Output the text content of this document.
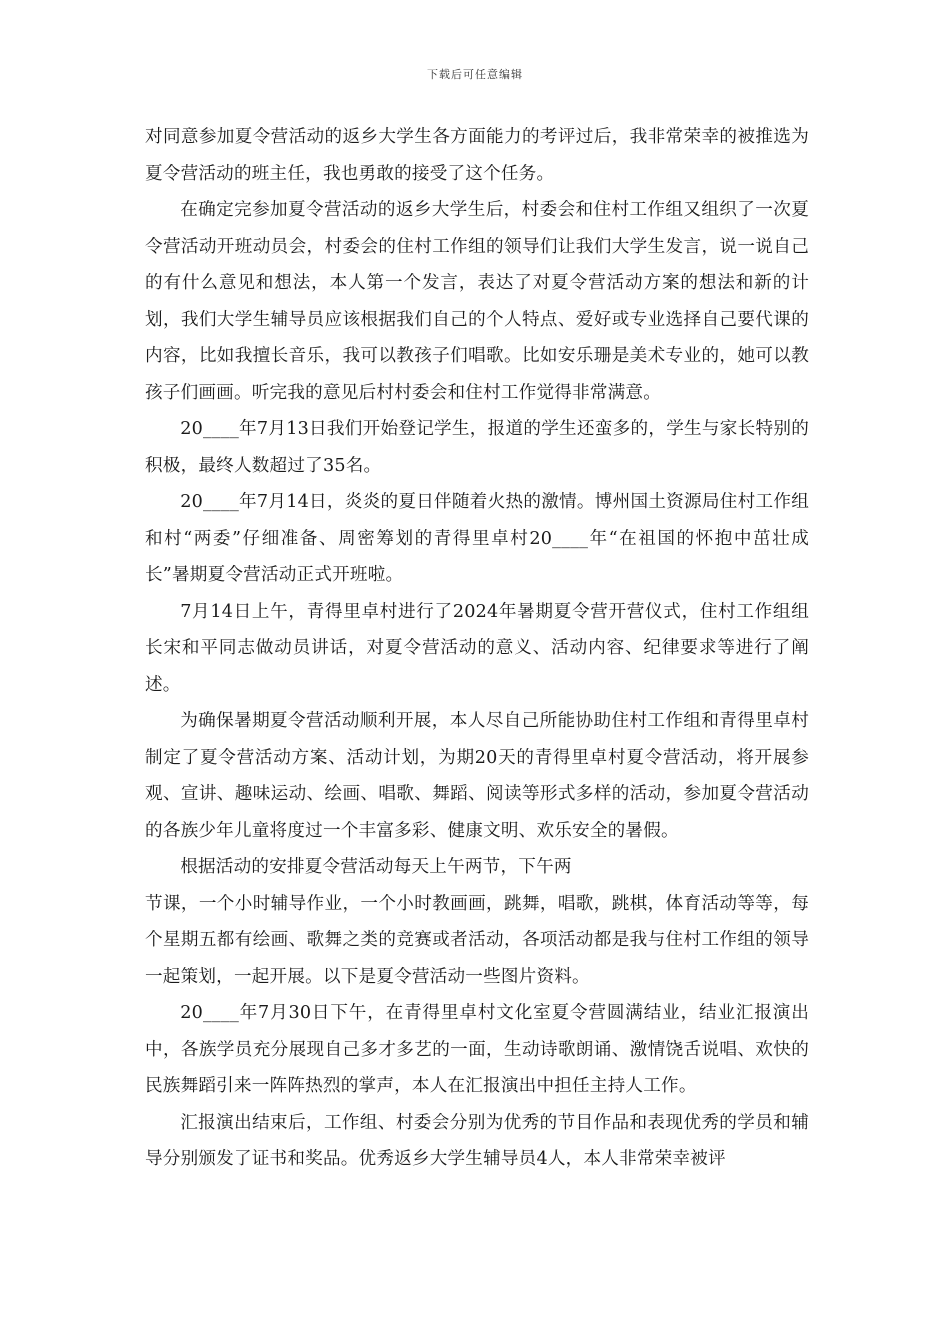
下载后可任意编辑

对同意参加夏令营活动的返乡大学生各方面能力的考评过后，我非常荣幸的被推选为夏令营活动的班主任，我也勇敢的接受了这个任务。

在确定完参加夏令营活动的返乡大学生后，村委会和住村工作组又组织了一次夏令营活动开班动员会，村委会的住村工作组的领导们让我们大学生发言，说一说自己的有什么意见和想法，本人第一个发言，表达了对夏令营活动方案的想法和新的计划，我们大学生辅导员应该根据我们自己的个人特点、爱好或专业选择自己要代课的内容，比如我擅长音乐，我可以教孩子们唱歌。比如安乐珊是美术专业的，她可以教孩子们画画。听完我的意见后村村委会和住村工作觉得非常满意。

20____年7月13日我们开始登记学生，报道的学生还蛮多的，学生与家长特别的积极，最终人数超过了35名。

20____年7月14日，炎炎的夏日伴随着火热的激情。博州国土资源局住村工作组和村“两委”仔细准备、周密筹划的青得里卓村20____年“在祖国的怀抱中茁壮成长”暑期夏令营活动正式开班啦。

7月14日上午，青得里卓村进行了2024年暑期夏令营开营仪式，住村工作组组长宋和平同志做动员讲话，对夏令营活动的意义、活动内容、纪律要求等进行了阐述。

为确保暑期夏令营活动顺利开展，本人尽自己所能协助住村工作组和青得里卓村制定了夏令营活动方案、活动计划，为期20天的青得里卓村夏令营活动，将开展参观、宣讲、趣味运动、绘画、唱歌、舞蹈、阅读等形式多样的活动，参加夏令营活动的各族少年儿童将度过一个丰富多彩、健康文明、欢乐安全的暑假。

根据活动的安排夏令营活动每天上午两节，下午两

节课，一个小时辅导作业，一个小时教画画，跳舞，唱歌，跳棋，体育活动等等，每个星期五都有绘画、歌舞之类的竞赛或者活动，各项活动都是我与住村工作组的领导一起策划，一起开展。以下是夏令营活动一些图片资料。

20____年7月30日下午，在青得里卓村文化室夏令营圆满结业，结业汇报演出中，各族学员充分展现自己多才多艺的一面，生动诗歌朗诵、激情饶舌说唱、欢快的民族舞蹈引来一阵阵热烈的掌声，本人在汇报演出中担任主持人工作。

汇报演出结束后，工作组、村委会分别为优秀的节目作品和表现优秀的学员和辅导分别颁发了证书和奖品。优秀返乡大学生辅导员4人，本人非常荣幸被评
